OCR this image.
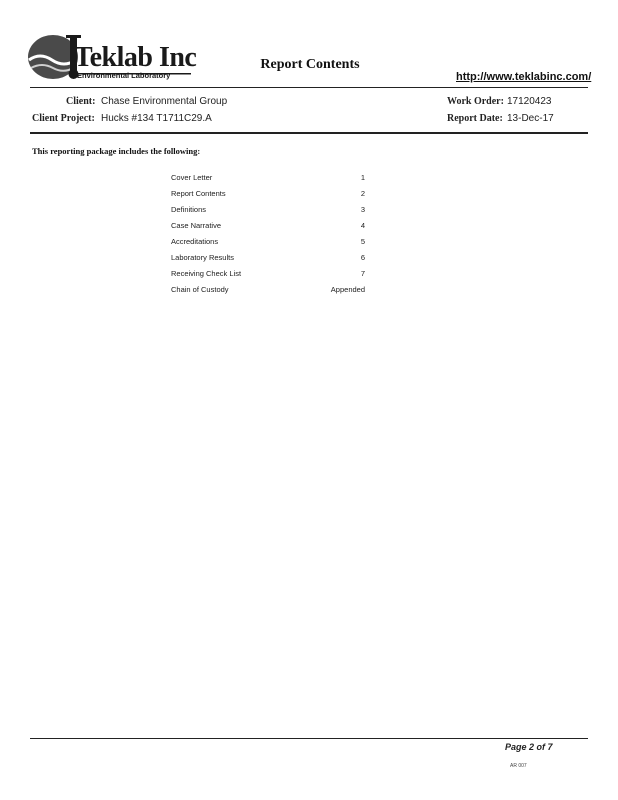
Teklab Inc
Environmental Laboratory
Report Contents
http://www.teklabinc.com/
Client: Chase Environmental Group
Client Project: Hucks #134 T1711C29.A
Work Order: 17120423
Report Date: 13-Dec-17
This reporting package includes the following:
Cover Letter	1
Report Contents	2
Definitions	3
Case Narrative	4
Accreditations	5
Laboratory Results	6
Receiving Check List	7
Chain of Custody	Appended
Page 2 of 7
AR 007
